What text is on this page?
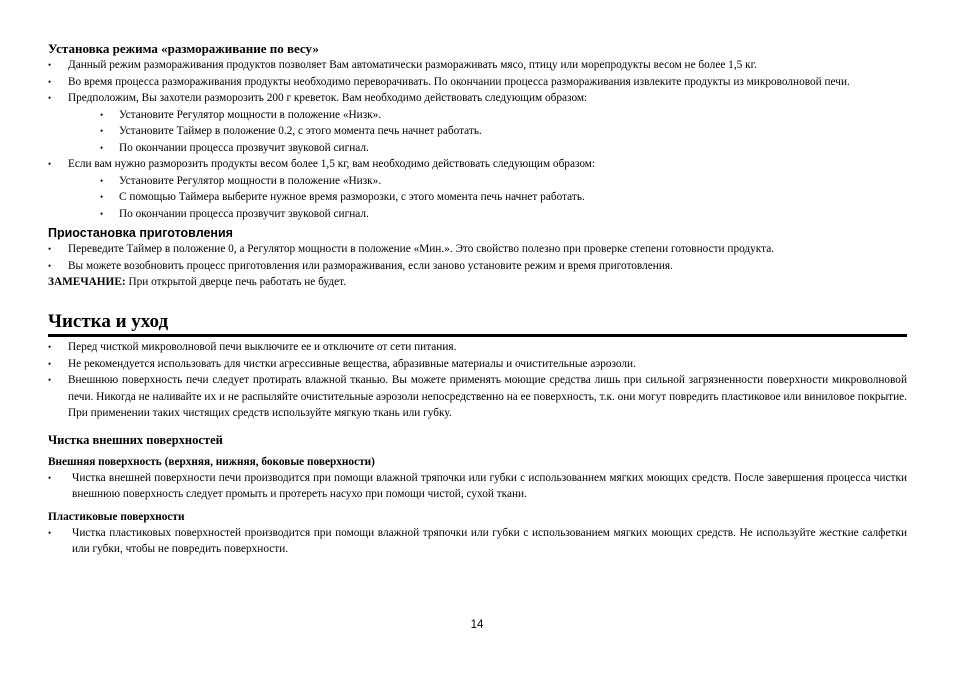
Установка режима «размораживание по весу»
• Данный режим размораживания продуктов позволяет Вам автоматически размораживать мясо, птицу или морепродукты весом не более 1,5 кг.
• Во время процесса размораживания продукты необходимо переворачивать. По окончании процесса размораживания извлеките продукты из микроволновой печи.
• Предположим, Вы захотели разморозить 200 г креветок. Вам необходимо действовать следующим образом:
• Установите Регулятор мощности в положение «Низк».
• Установите Таймер в положение 0.2, с этого момента печь начнет работать.
• По окончании процесса прозвучит звуковой сигнал.
• Если вам нужно разморозить продукты весом более 1,5 кг, вам необходимо действовать следующим образом:
• Установите Регулятор мощности в положение «Низк».
• С помощью Таймера выберите нужное время разморозки, с этого момента печь начнет работать.
• По окончании процесса прозвучит звуковой сигнал.
Приостановка приготовления
• Переведите Таймер в положение 0, а Регулятор мощности в положение «Мин.». Это свойство полезно при проверке степени готовности продукта.
• Вы можете возобновить процесс приготовления или размораживания, если заново установите режим и время приготовления.

ЗАМЕЧАНИЕ: При открытой дверце печь работать не будет.

Чистка и уход
• Перед чисткой микроволновой печи выключите ее и отключите от сети питания.
• Не рекомендуется использовать для чистки агрессивные вещества, абразивные материалы и очистительные аэрозоли.
• Внешнюю поверхность печи следует протирать влажной тканью. Вы можете применять моющие средства лишь при сильной загрязненности поверхности микроволновой печи. Никогда не наливайте их и не распыляйте очистительные аэрозоли непосредственно на ее поверхность, т.к. они могут повредить пластиковое или виниловое покрытие. При применении таких чистящих средств используйте мягкую ткань или губку.
Чистка внешних поверхностей
Внешняя поверхность (верхняя, нижняя, боковые поверхности)
• Чистка внешней поверхности печи производится при помощи влажной тряпочки или губки с использованием мягких моющих средств. После завершения процесса чистки внешнюю поверхность следует промыть и протереть насухо при помощи чистой, сухой ткани.
Пластиковые поверхности
• Чистка пластиковых поверхностей производится при помощи влажной тряпочки или губки с использованием мягких моющих средств. Не используйте жесткие салфетки или губки, чтобы не повредить поверхности.
14
